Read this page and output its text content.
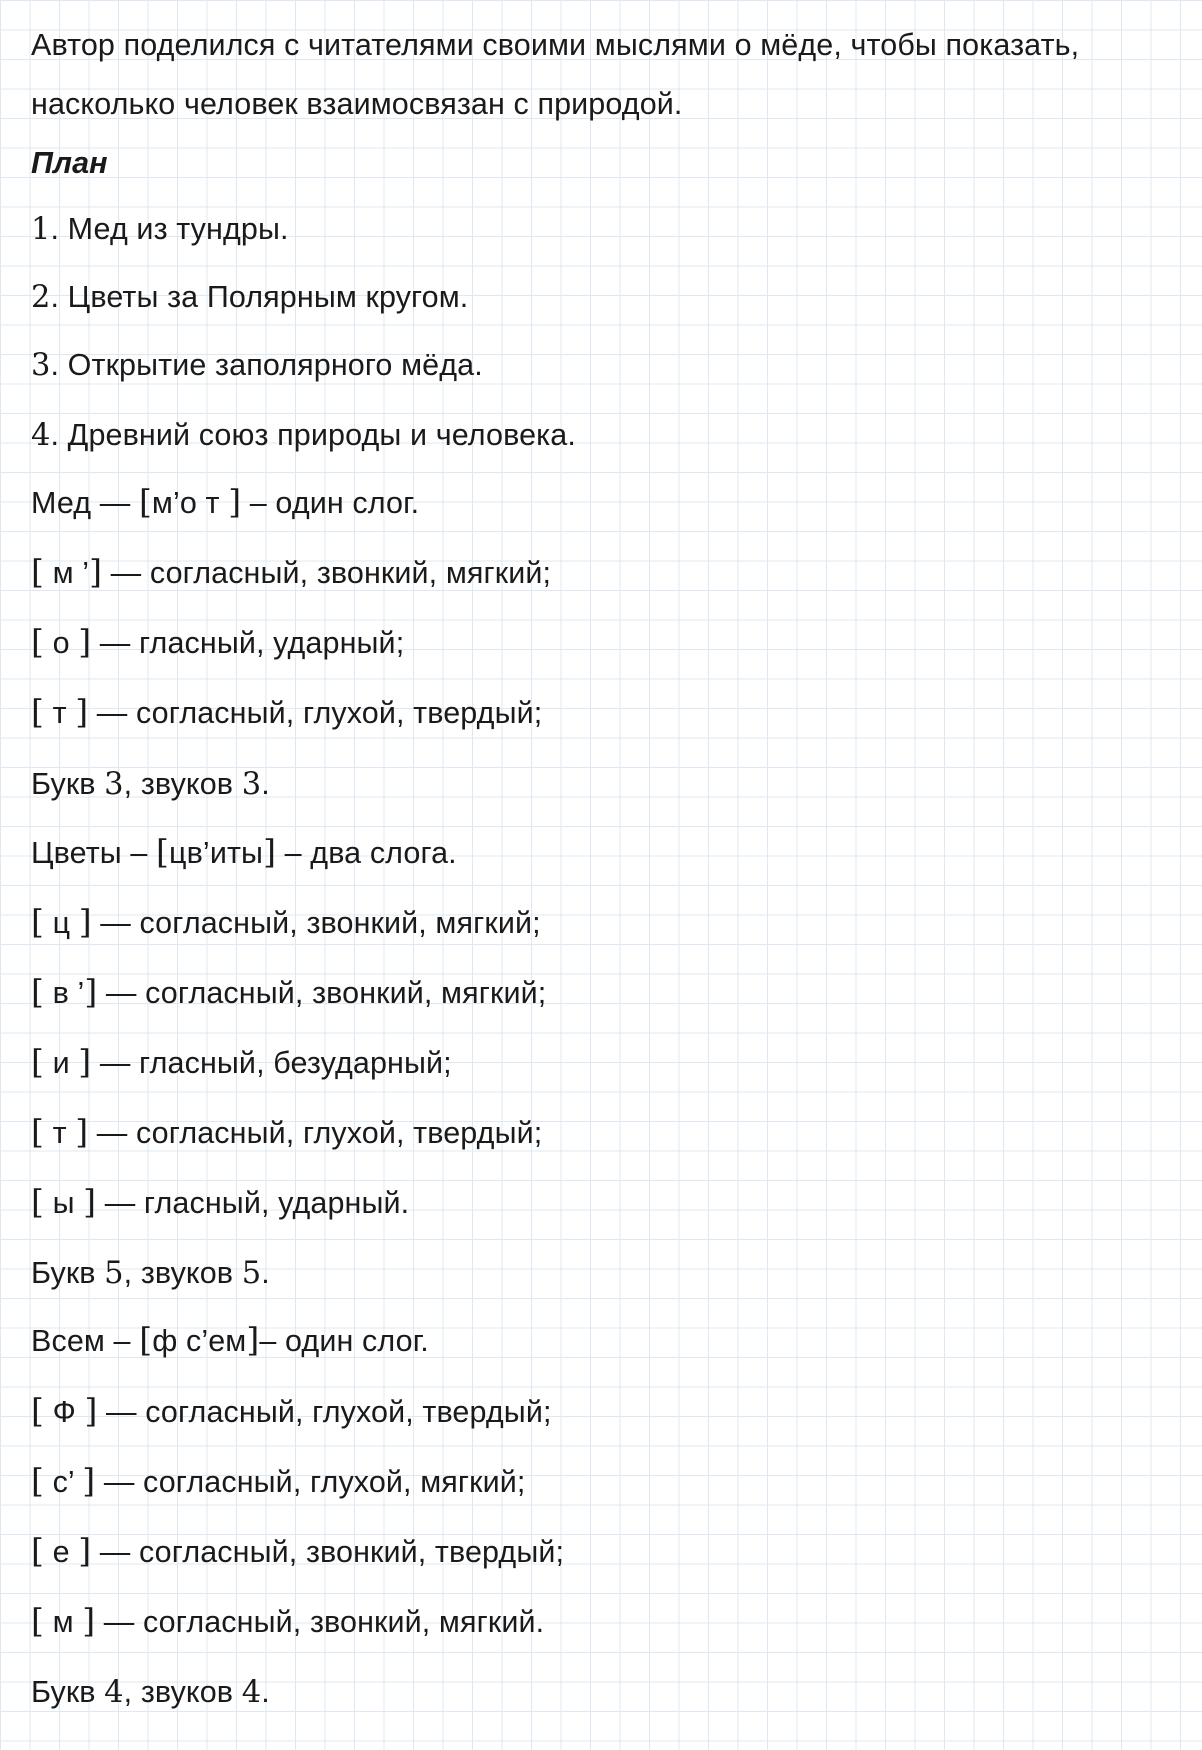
Автор поделился с читателями своими мыслями о мёде, чтобы показать,
насколько человек взаимосвязан с природой.
План
1. Мед из тундры.
2. Цветы за Полярным кругом.
3. Открытие заполярного мёда.
4. Древний союз природы и человека.
Мед — [м’о т ] – один слог.
[ м ’] — согласный, звонкий, мягкий;
[ о ] — гласный, ударный;
[ т ] — согласный, глухой, твердый;
Букв 3, звуков 3.
Цветы – [цв’иты] – два слога.
[ ц ] — согласный, звонкий, мягкий;
[ в ’] — согласный, звонкий, мягкий;
[ и ] — гласный, безударный;
[ т ] — согласный, глухой, твердый;
[ ы ] — гласный, ударный.
Букв 5, звуков 5.
Всем – [ф с’ем]– один слог.
[ Ф ] — согласный, глухой, твердый;
[ с’ ] — согласный, глухой, мягкий;
[ е ] — согласный, звонкий, твердый;
[ м ] — согласный, звонкий, мягкий.
Букв 4, звуков 4.
